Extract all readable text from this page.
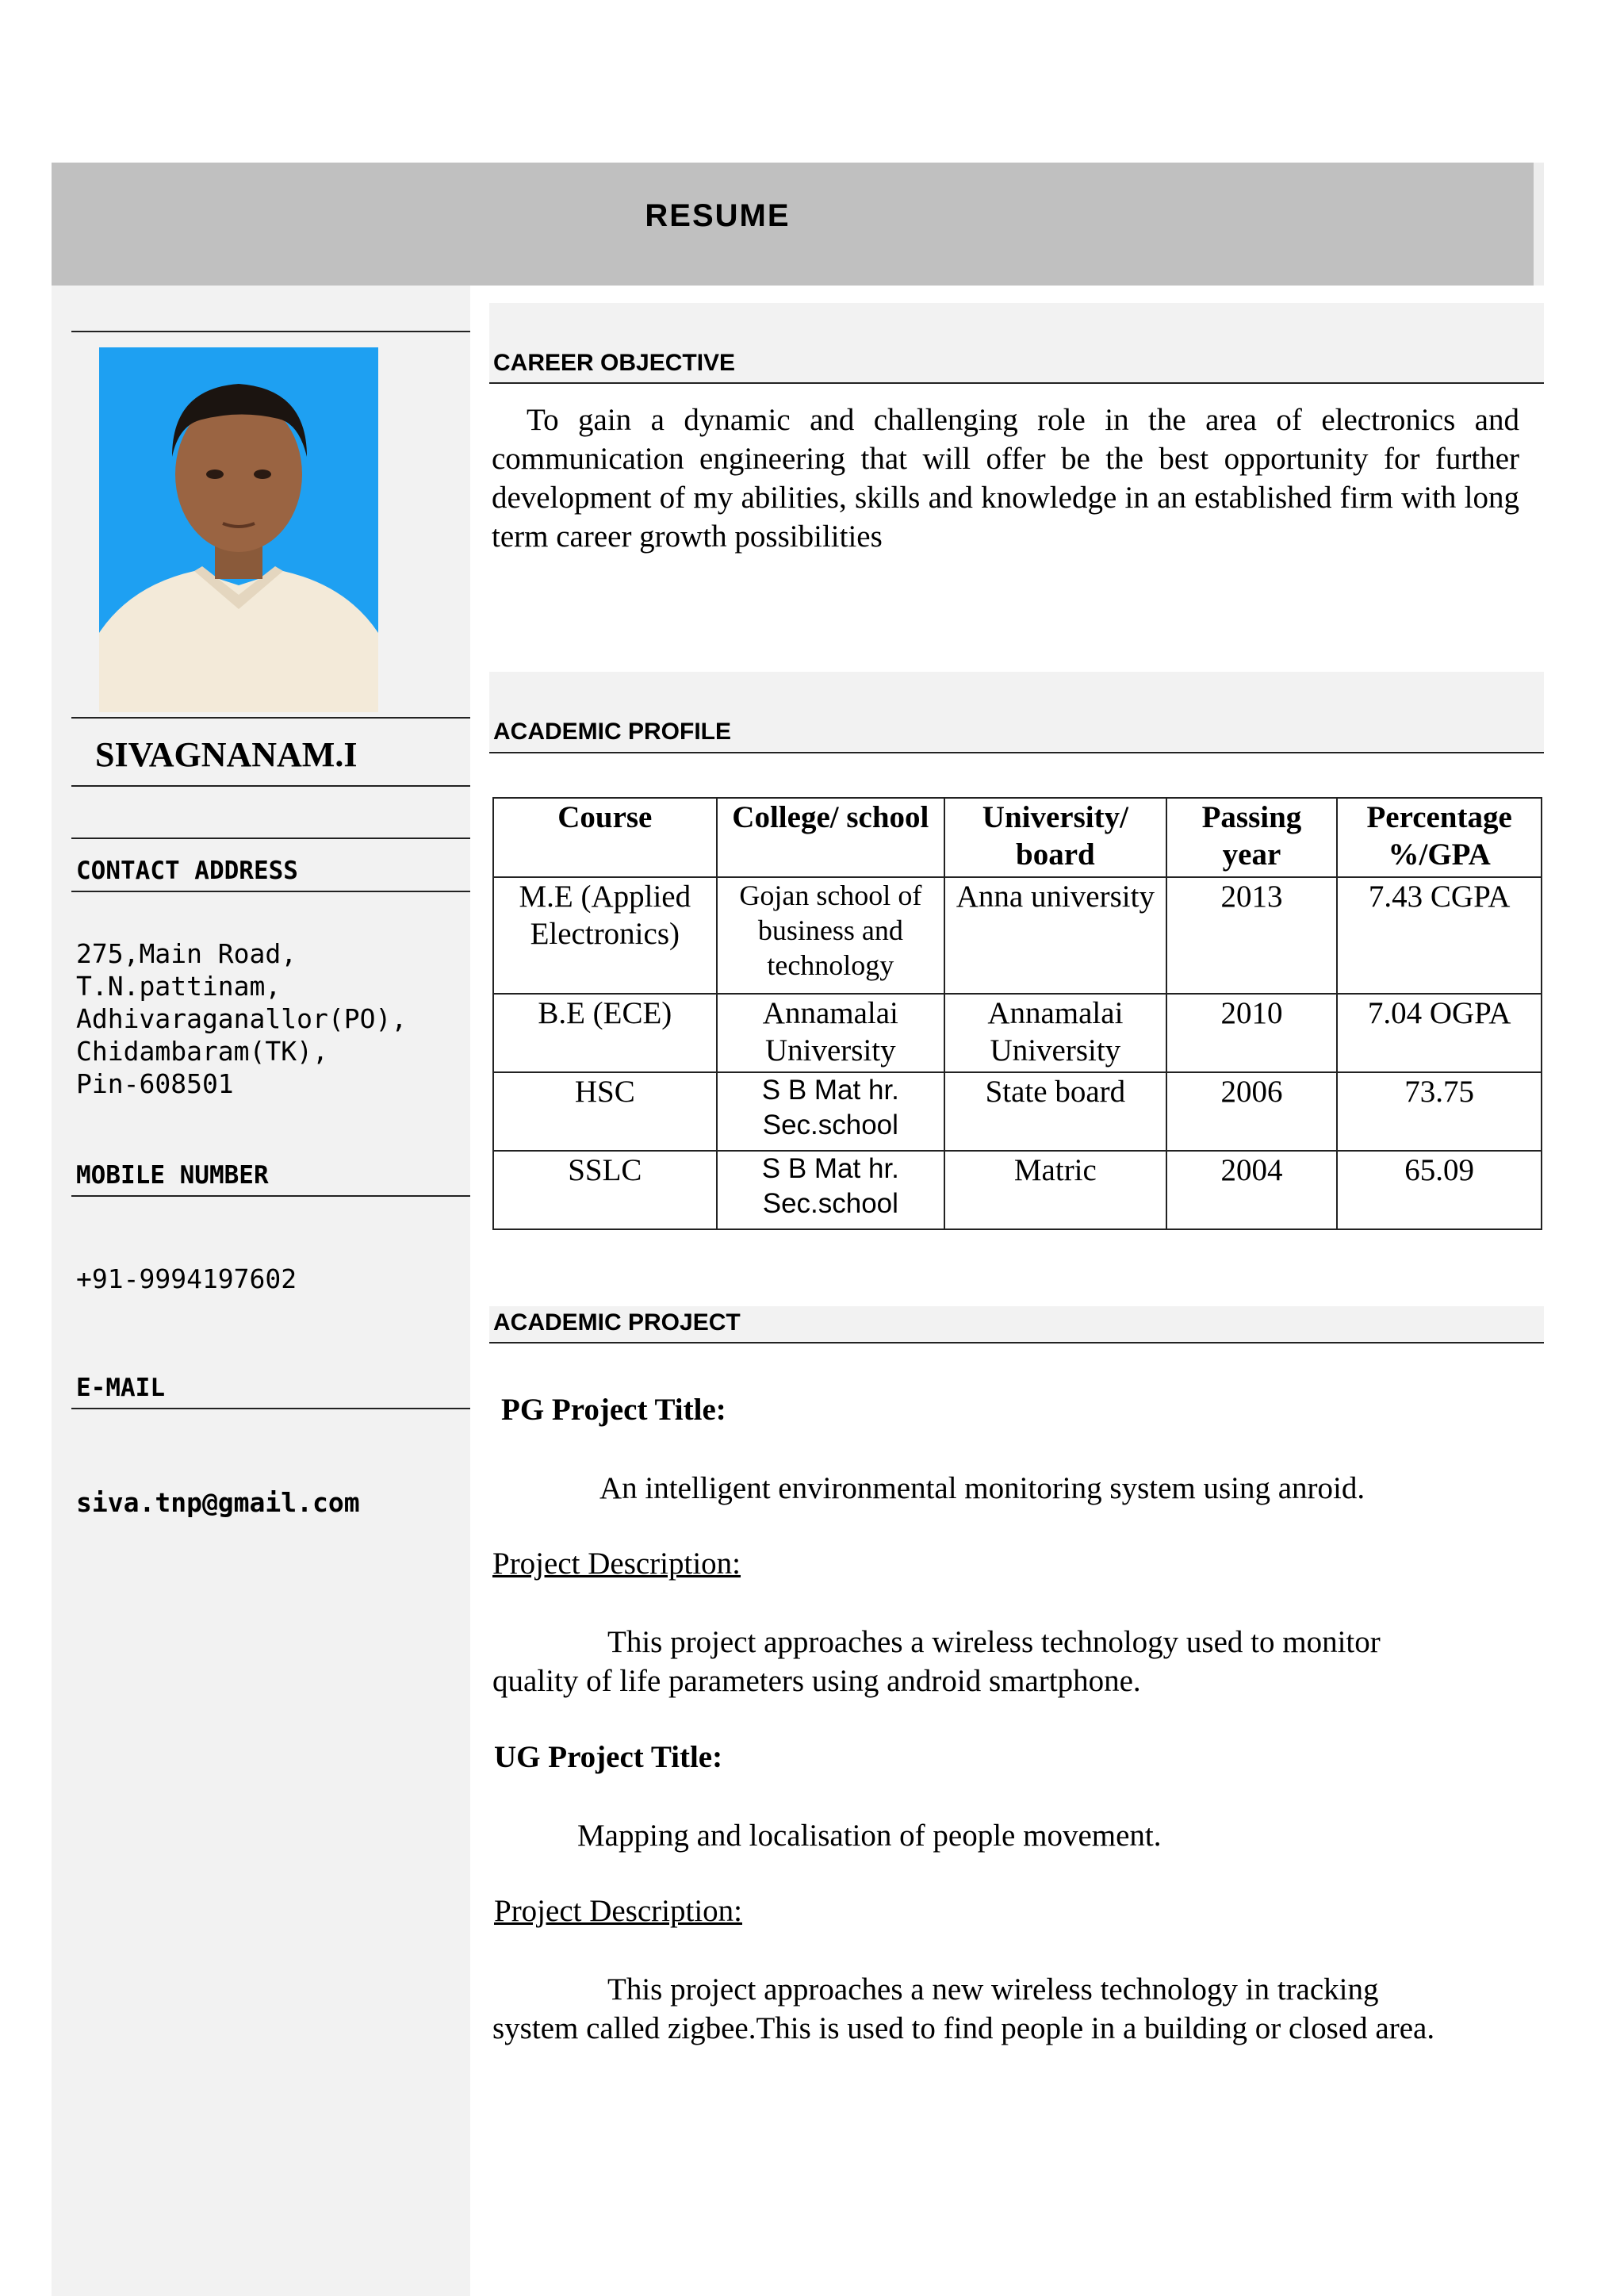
RESUME
SIVAGNANAM.I
CONTACT ADDRESS
275,Main Road,
T.N.pattinam,
Adhivaraganallor(PO),
Chidambaram(TK),
Pin-608501
MOBILE NUMBER
+91-9994197602
E-MAIL
siva.tnp@gmail.com
CAREER OBJECTIVE
To gain a dynamic and challenging role in the area of electronics and communication engineering that will offer be the best opportunity for further development of my abilities, skills and knowledge in an established firm with long term career growth possibilities
ACADEMIC PROFILE
Course	College/ school	University/ board	Passing year	Percentage %/GPA
M.E (Applied Electronics)	Gojan school of business and technology	Anna university	2013	7.43 CGPA
B.E (ECE)	Annamalai University	Annamalai University	2010	7.04 OGPA
HSC	S B Mat hr. Sec.school	State board	2006	73.75
SSLC	S B Mat hr. Sec.school	Matric	2004	65.09
ACADEMIC PROJECT
PG Project Title:
An intelligent environmental monitoring system using anroid.
Project Description:
This project approaches a wireless technology used to monitor
quality of life parameters using android smartphone.
UG Project Title:
Mapping and localisation of people movement.
Project Description:
This project approaches a new wireless technology in tracking
system called zigbee.This is used to find people in a building or closed area.
